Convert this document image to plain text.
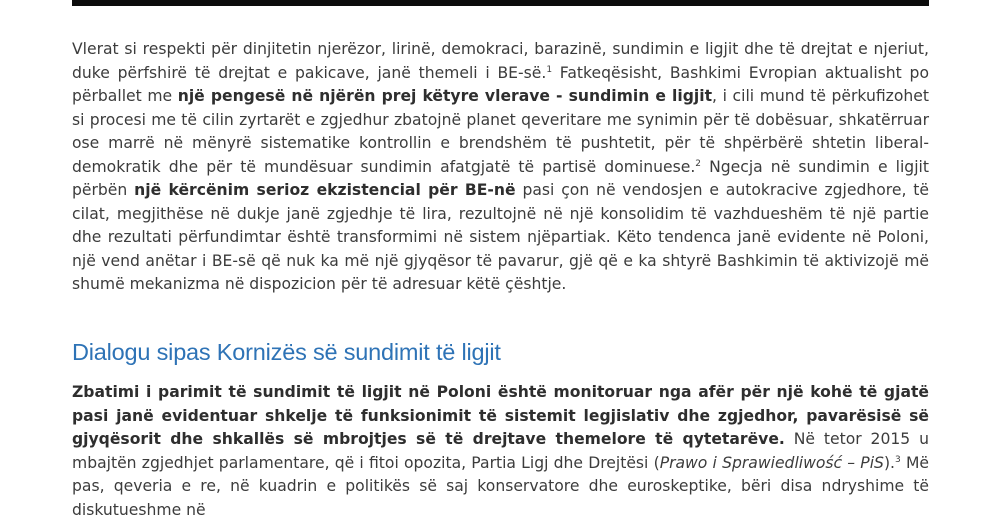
Vlerat si respekti për dinjitetin njerëzor, lirinë, demokraci, barazinë, sundimin e ligjit dhe të drejtat e njeriut, duke përfshirë të drejtat e pakicave, janë themeli i BE-së.$^1$ Fatkeqësisht, Bashkimi Evropian aktualisht po përballet me një pengesë në njërën prej këtyre vlerave - sundimin e ligjit, i cili mund të përkufizohet si procesi me të cilin zyrtarët e zgjedhur zbatojnë planet qeveritare me synimin për të dobësuar, shkatërruar ose marrë në mënyrë sistematike kontrollin e brendshëm të pushtetit, për të shpërbërë shtetin liberal-demokratik dhe për të mundësuar sundimin afatgjatë të partisë dominuese.$^2$ Ngecja në sundimin e ligjit përbën një kërcënim serioz ekzistencial për BE-në pasi çon në vendosjen e autokracive zgjedhore, të cilat, megjithëse në dukje janë zgjedhje të lira, rezultojnë në një konsolidim të vazhdueshëm të një partie dhe rezultati përfundimtar është transformimi në sistem njëpartiak. Këto tendenca janë evidente në Poloni, një vend anëtar i BE-së që nuk ka më një gjyqësor të pavarur, gjë që e ka shtyrë Bashkimin të aktivizojë më shumë mekanizma në dispozicion për të adresuar këtë çështje.

Dialogu sipas Kornizës së sundimit të ligjit

Zbatimi i parimit të sundimit të ligjit në Poloni është monitoruar nga afër për një kohë të gjatë pasi janë evidentuar shkelje të funksionimit të sistemit legjislativ dhe zgjedhor, pavarësisë së gjyqësorit dhe shkallës së mbrojtjes së të drejtave themelore të qytetarëve. Në tetor 2015 u mbajtën zgjedhjet parlamentare, që i fitoi opozita, Partia Ligj dhe Drejtësi (Prawo i Sprawiedliwość – PiS).$^3$ Më pas, qeveria e re, në kuadrin e politikës së saj konservatore dhe euroskeptike, bëri disa ndryshime të diskutueshme në
